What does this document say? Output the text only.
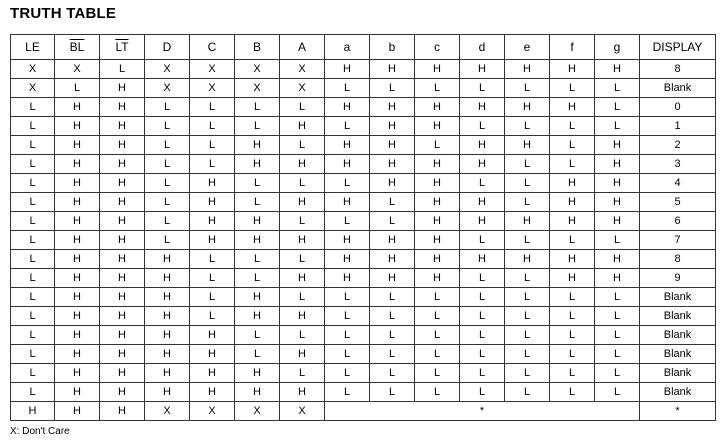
TRUTH TABLE
LE	$\overline{BL}$	$\overline{LT}$	D	C	B	A	a	b	c	d	e	f	g	DISPLAY
X	X	L	X	X	X	X	H	H	H	H	H	H	H	8
X	L	H	X	X	X	X	L	L	L	L	L	L	L	Blank
L	H	H	L	L	L	L	H	H	H	H	H	H	L	0
L	H	H	L	L	L	H	L	H	H	L	L	L	L	1
L	H	H	L	L	H	L	H	H	L	H	H	L	H	2
L	H	H	L	L	H	H	H	H	H	H	L	L	H	3
L	H	H	L	H	L	L	L	H	H	L	L	H	H	4
L	H	H	L	H	L	H	H	L	H	H	L	H	H	5
L	H	H	L	H	H	L	L	L	H	H	H	H	H	6
L	H	H	L	H	H	H	H	H	H	L	L	L	L	7
L	H	H	H	L	L	L	H	H	H	H	H	H	H	8
L	H	H	H	L	L	H	H	H	H	L	L	H	H	9
L	H	H	H	L	H	L	L	L	L	L	L	L	L	Blank
L	H	H	H	L	H	H	L	L	L	L	L	L	L	Blank
L	H	H	H	H	L	L	L	L	L	L	L	L	L	Blank
L	H	H	H	H	L	H	L	L	L	L	L	L	L	Blank
L	H	H	H	H	H	L	L	L	L	L	L	L	L	Blank
L	H	H	H	H	H	H	L	L	L	L	L	L	L	Blank
H	H	H	X	X	X	X	*							*
X: Don't Care
